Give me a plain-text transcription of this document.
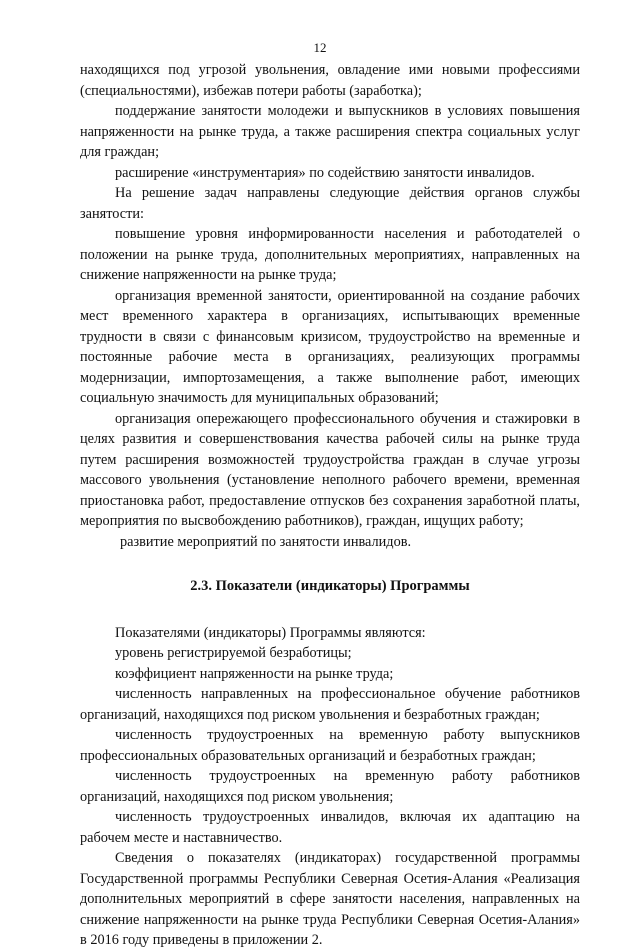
12

находящихся под угрозой увольнения, овладение ими новыми профессиями (специальностями), избежав потери работы (заработка);

поддержание занятости молодежи и выпускников в условиях повышения напряженности на рынке труда, а также расширения спектра социальных услуг для граждан;

расширение «инструментария» по содействию занятости инвалидов.

На решение задач направлены следующие действия органов службы занятости:

повышение уровня информированности населения и работодателей о положении на рынке труда, дополнительных мероприятиях, направленных на снижение напряженности на рынке труда;

организация временной занятости, ориентированной на создание рабочих мест временного характера в организациях, испытывающих временные трудности в связи с финансовым кризисом, трудоустройство на временные и постоянные рабочие места в организациях, реализующих программы модернизации, импортозамещения, а также выполнение работ, имеющих социальную значимость для муниципальных образований;

организация опережающего профессионального обучения и стажировки в целях развития и совершенствования качества рабочей силы на рынке труда путем расширения возможностей трудоустройства граждан в случае угрозы массового увольнения (установление неполного рабочего времени, временная приостановка работ, предоставление отпусков без сохранения заработной платы, мероприятия по высвобождению работников), граждан, ищущих работу;

развитие мероприятий по занятости инвалидов.

2.3. Показатели (индикаторы) Программы

Показателями (индикаторы) Программы являются:

уровень регистрируемой безработицы;

коэффициент напряженности на рынке труда;

численность направленных на профессиональное обучение работников организаций, находящихся под риском увольнения и безработных граждан;

численность трудоустроенных на временную работу выпускников профессиональных образовательных организаций и безработных граждан;

численность трудоустроенных на временную работу работников организаций, находящихся под риском увольнения;

численность трудоустроенных инвалидов, включая их адаптацию на рабочем месте и наставничество.

Сведения о показателях (индикаторах) государственной программы Государственной программы Республики Северная Осетия-Алания «Реализация дополнительных мероприятий в сфере занятости населения, направленных на снижение напряженности на рынке труда Республики Северная Осетия-Алания» в 2016 году приведены в приложении 2.
